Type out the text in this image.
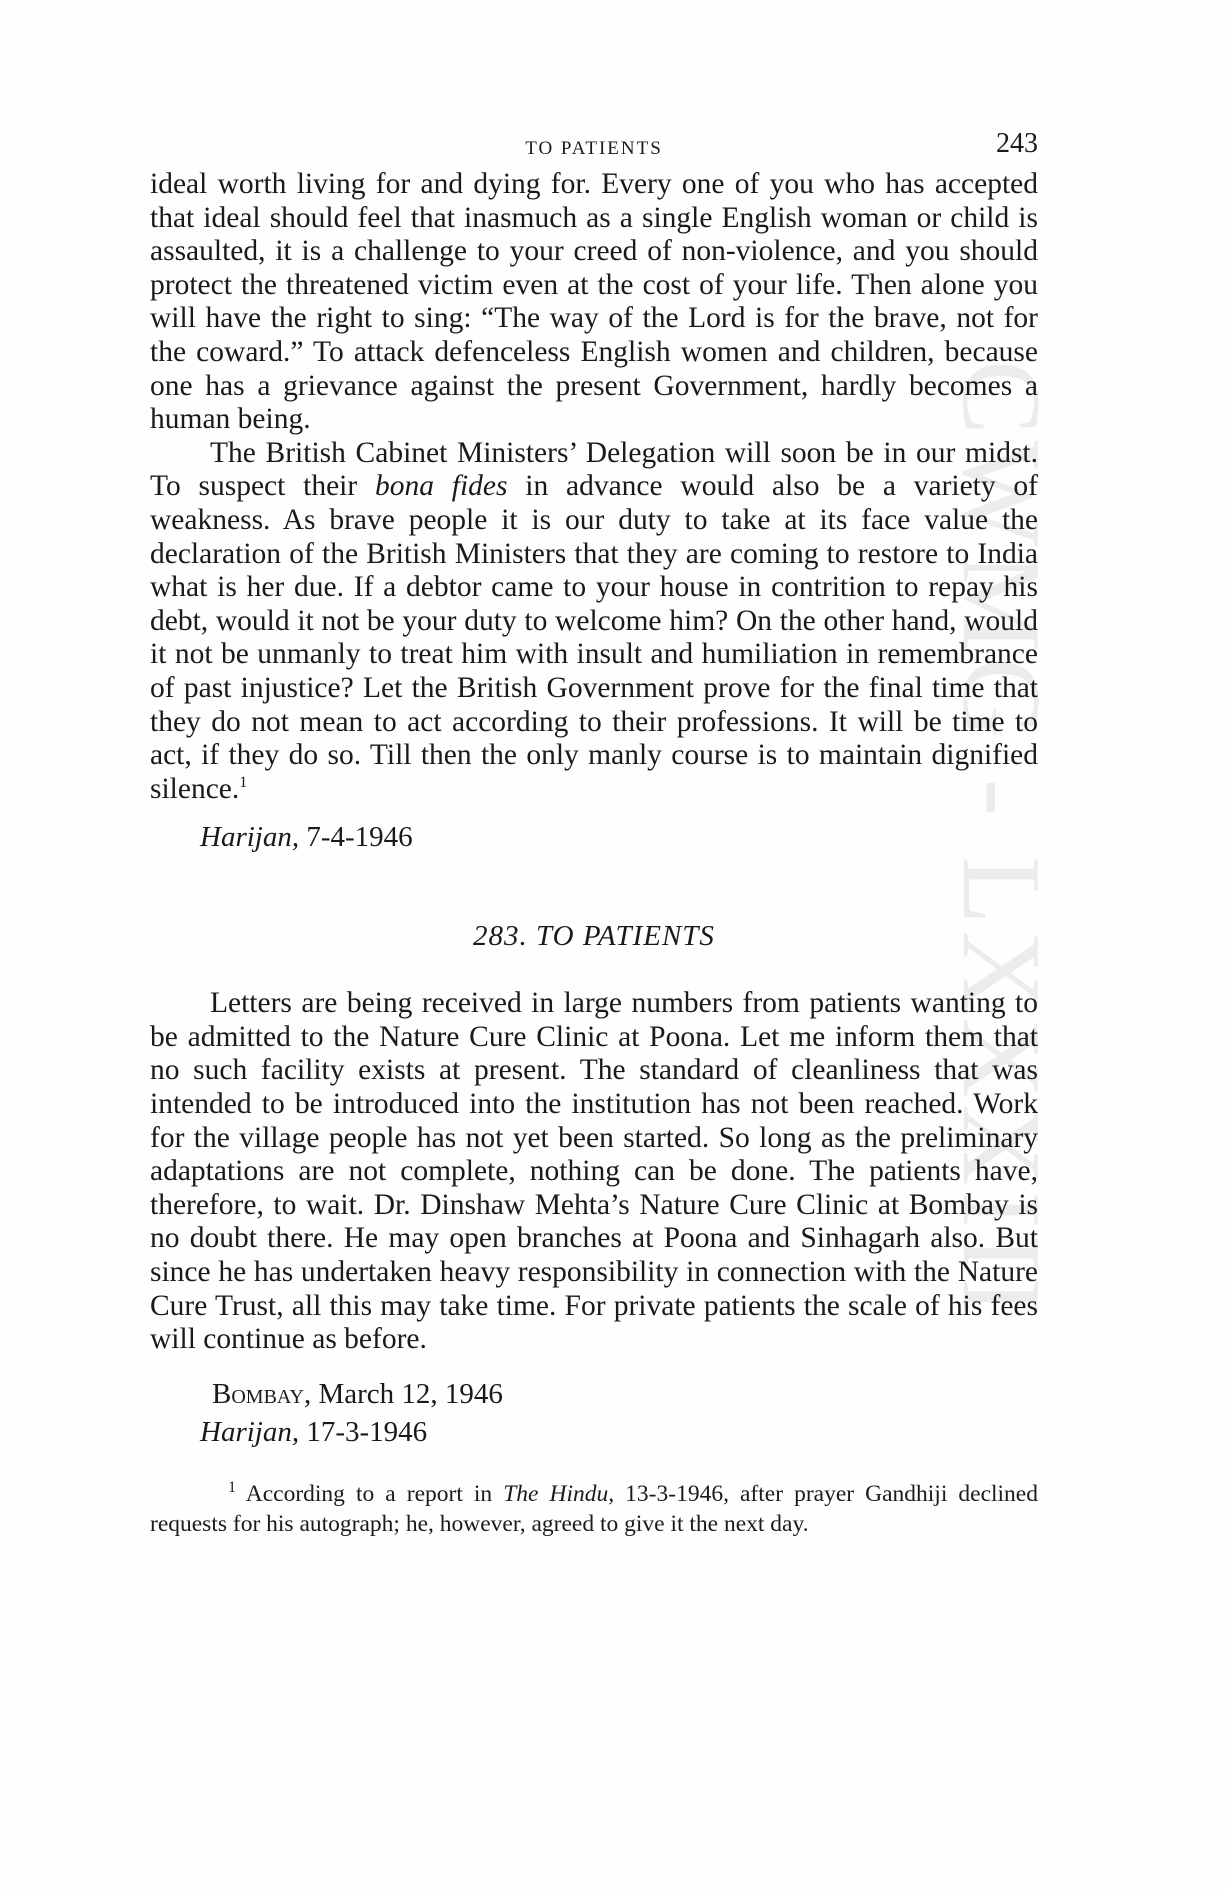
CWMG - LXXXIII
TO PATIENTS	243

ideal worth living for and dying for. Every one of you who has accepted that ideal should feel that inasmuch as a single English woman or child is assaulted, it is a challenge to your creed of non-violence, and you should protect the threatened victim even at the cost of your life. Then alone you will have the right to sing: “The way of the Lord is for the brave, not for the coward.” To attack defenceless English women and children, because one has a grievance against the present Government, hardly becomes a human being.

The British Cabinet Ministers’ Delegation will soon be in our midst. To suspect their bona fides in advance would also be a variety of weakness. As brave people it is our duty to take at its face value the declaration of the British Ministers that they are coming to restore to India what is her due. If a debtor came to your house in contrition to repay his debt, would it not be your duty to welcome him? On the other hand, would it not be unmanly to treat him with insult and humiliation in remembrance of past injustice? Let the British Government prove for the final time that they do not mean to act according to their professions. It will be time to act, if they do so. Till then the only manly course is to maintain dignified silence.$^1$

Harijan, 7-4-1946
283. TO PATIENTS

Letters are being received in large numbers from patients wanting to be admitted to the Nature Cure Clinic at Poona. Let me inform them that no such facility exists at present. The standard of cleanliness that was intended to be introduced into the institution has not been reached. Work for the village people has not yet been started. So long as the preliminary adaptations are not complete, nothing can be done. The patients have, therefore, to wait. Dr. Dinshaw Mehta’s Nature Cure Clinic at Bombay is no doubt there. He may open branches at Poona and Sinhagarh also. But since he has undertaken heavy responsibility in connection with the Nature Cure Trust, all this may take time. For private patients the scale of his fees will continue as before.

Bombay, March 12, 1946
Harijan, 17-3-1946

$^1$ According to a report in The Hindu, 13-3-1946, after prayer Gandhiji declined requests for his autograph; he, however, agreed to give it the next day.
